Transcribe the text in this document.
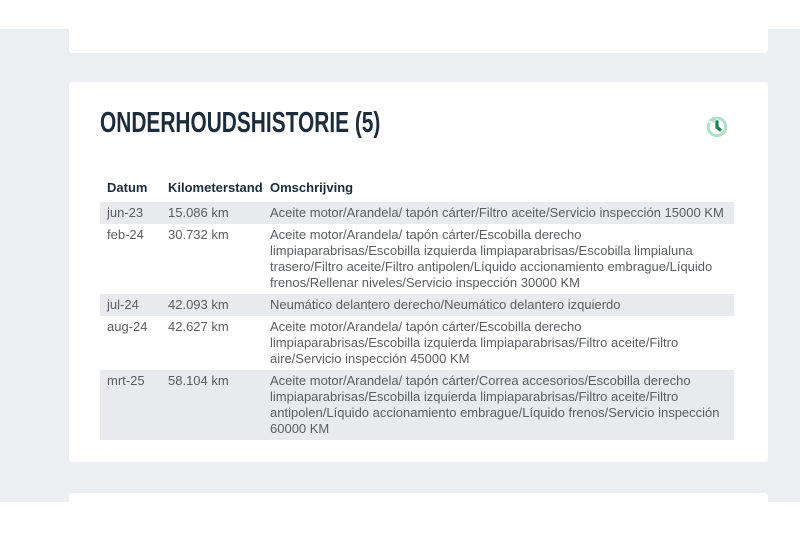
ONDERHOUDSHISTORIE (5)
Datum	Kilometerstand	Omschrijving
jun-23	15.086 km	Aceite motor/Arandela/ tapón cárter/Filtro aceite/Servicio inspección 15000 KM
feb-24	30.732 km	Aceite motor/Arandela/ tapón cárter/Escobilla derecho limpiaparabrisas/Escobilla izquierda limpiaparabrisas/Escobilla limpialuna trasero/Filtro aceite/Filtro antipolen/Líquido accionamiento embrague/Líquido frenos/Rellenar niveles/Servicio inspección 30000 KM
jul-24	42.093 km	Neumático delantero derecho/Neumático delantero izquierdo
aug-24	42.627 km	Aceite motor/Arandela/ tapón cárter/Escobilla derecho limpiaparabrisas/Escobilla izquierda limpiaparabrisas/Filtro aceite/Filtro aire/Servicio inspección 45000 KM
mrt-25	58.104 km	Aceite motor/Arandela/ tapón cárter/Correa accesorios/Escobilla derecho limpiaparabrisas/Escobilla izquierda limpiaparabrisas/Filtro aceite/Filtro antipolen/Líquido accionamiento embrague/Líquido frenos/Servicio inspección 60000 KM
